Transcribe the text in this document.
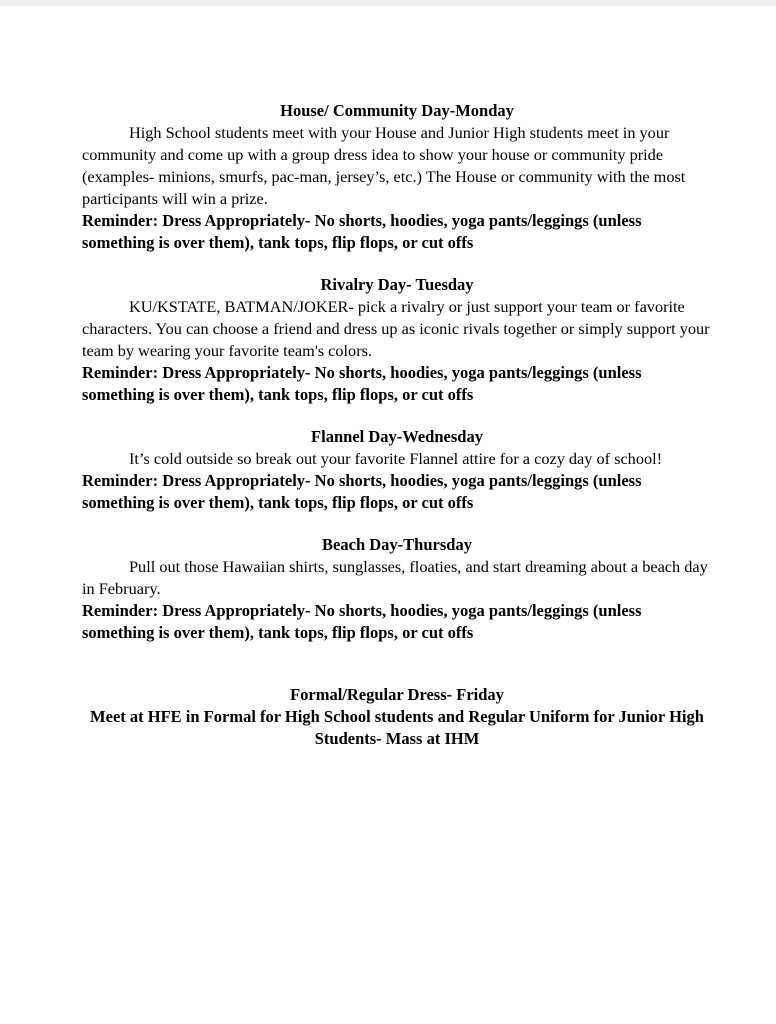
House/ Community Day-Monday

High School students meet with your House and Junior High students meet in your community and come up with a group dress idea to show your house or community pride (examples- minions, smurfs, pac-man, jersey’s, etc.) The House or community with the most participants will win a prize.

Reminder: Dress Appropriately- No shorts, hoodies, yoga pants/leggings (unless something is over them), tank tops, flip flops, or cut offs

Rivalry Day- Tuesday

KU/KSTATE, BATMAN/JOKER- pick a rivalry or just support your team or favorite characters. You can choose a friend and dress up as iconic rivals together or simply support your team by wearing your favorite team's colors.

Reminder: Dress Appropriately- No shorts, hoodies, yoga pants/leggings (unless something is over them), tank tops, flip flops, or cut offs

Flannel Day-Wednesday

It’s cold outside so break out your favorite Flannel attire for a cozy day of school!

Reminder: Dress Appropriately- No shorts, hoodies, yoga pants/leggings (unless something is over them), tank tops, flip flops, or cut offs

Beach Day-Thursday

Pull out those Hawaiian shirts, sunglasses, floaties, and start dreaming about a beach day in February.

Reminder: Dress Appropriately- No shorts, hoodies, yoga pants/leggings (unless something is over them), tank tops, flip flops, or cut offs

Formal/Regular Dress- Friday

Meet at HFE in Formal for High School students and Regular Uniform for Junior High Students- Mass at IHM
